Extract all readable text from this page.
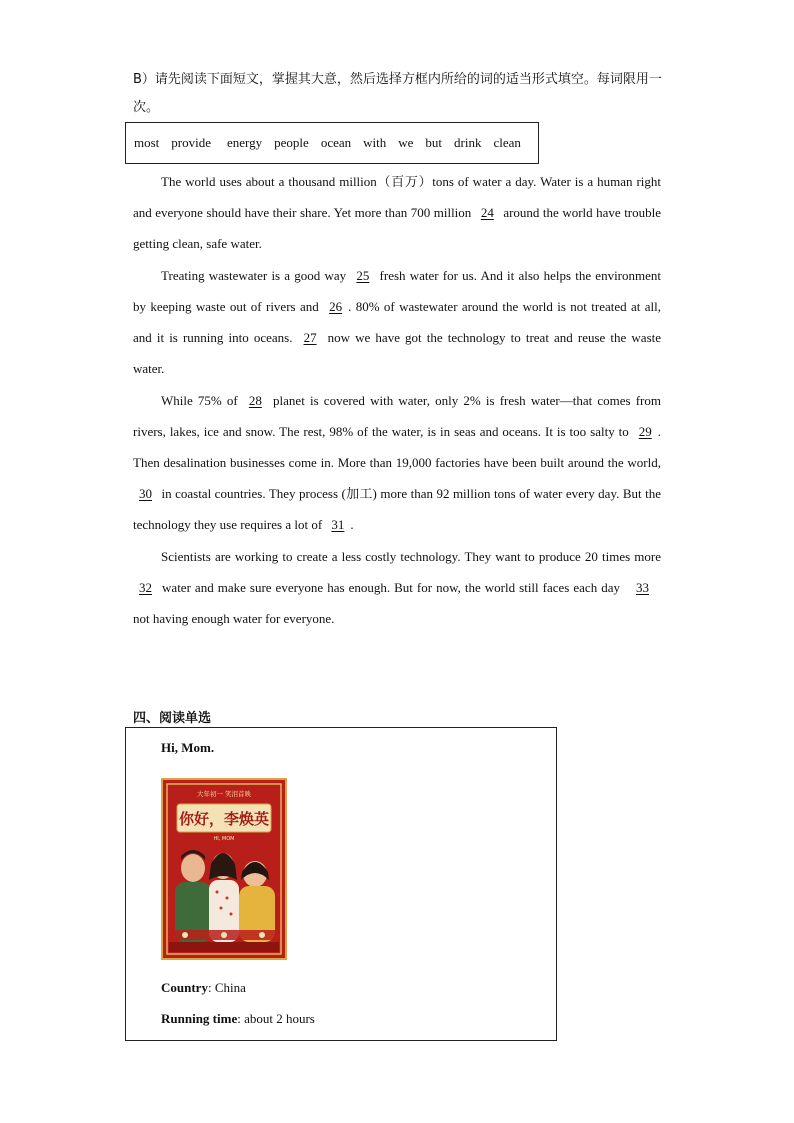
B）请先阅读下面短文，掌握其大意，然后选择方框内所给的词的适当形式填空。每词限用一次。
most provide energy people ocean with we but drink clean
The world uses about a thousand million（百万）tons of water a day. Water is a human right and everyone should have their share. Yet more than 700 million 24 around the world have trouble getting clean, safe water.
Treating wastewater is a good way 25 fresh water for us. And it also helps the environment by keeping waste out of rivers and 26 . 80% of wastewater around the world is not treated at all, and it is running into oceans. 27 now we have got the technology to treat and reuse the waste water.
While 75% of 28 planet is covered with water, only 2% is fresh water—that comes from rivers, lakes, ice and snow. The rest, 98% of the water, is in seas and oceans. It is too salty to 29 . Then desalination businesses come in. More than 19,000 factories have been built around the world, 30 in coastal countries. They process (加工) more than 92 million tons of water every day. But the technology they use requires a lot of 31 .
Scientists are working to create a less costly technology. They want to produce 20 times more 32 water and make sure everyone has enough. But for now, the world still faces each day 33 not having enough water for everyone.
四、阅读单选
Hi, Mom.
大年初一 笑泪首映
你好，李焕英
HI, MOM
Country: China
Running time: about 2 hours
